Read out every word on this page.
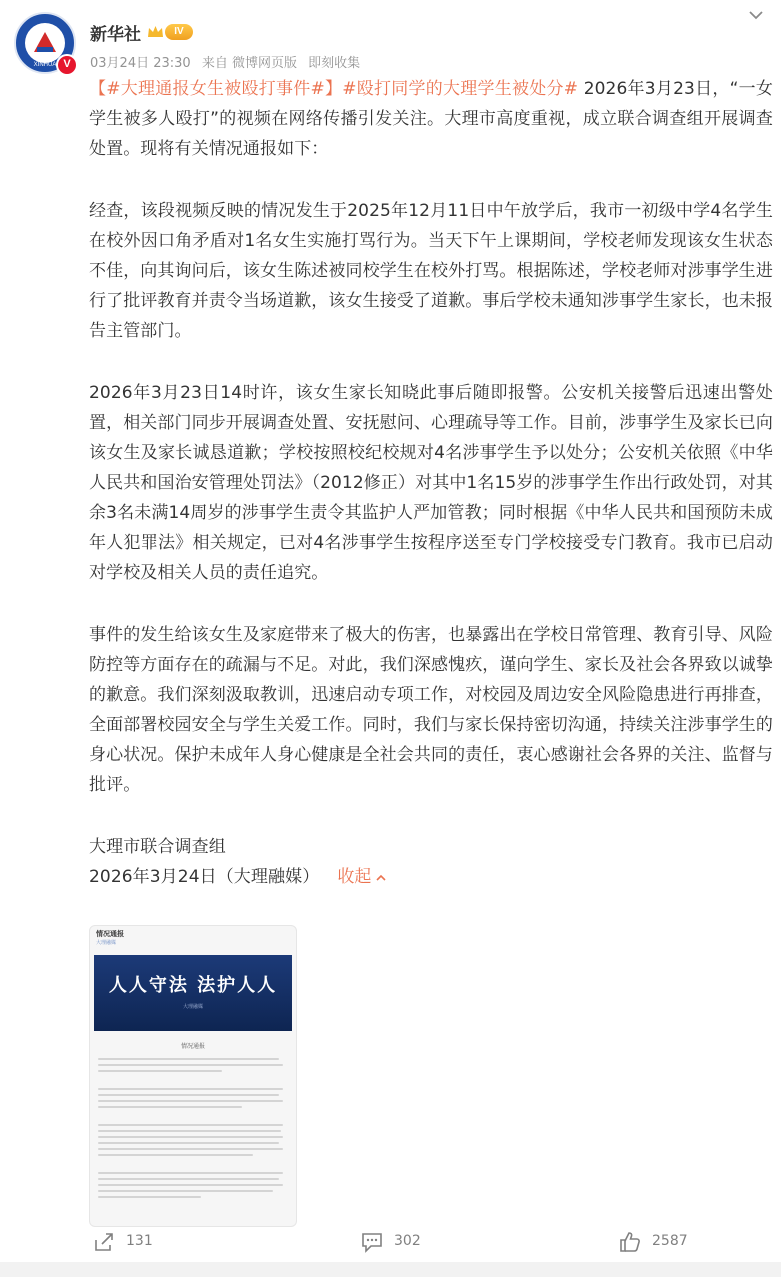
XINHUA V
新华社	IV
03月24日 23:30 来自 微博网页版 即刻收集

【#大理通报女生被殴打事件#】#殴打同学的大理学生被处分# 2026年3月23日，“一女学生被多人殴打”的视频在网络传播引发关注。大理市高度重视，成立联合调查组开展调查处置。现将有关情况通报如下：

经查，该段视频反映的情况发生于2025年12月11日中午放学后，我市一初级中学4名学生在校外因口角矛盾对1名女生实施打骂行为。当天下午上课期间，学校老师发现该女生状态不佳，向其询问后，该女生陈述被同校学生在校外打骂。根据陈述，学校老师对涉事学生进行了批评教育并责令当场道歉，该女生接受了道歉。事后学校未通知涉事学生家长，也未报告主管部门。

2026年3月23日14时许，该女生家长知晓此事后随即报警。公安机关接警后迅速出警处置，相关部门同步开展调查处置、安抚慰问、心理疏导等工作。目前，涉事学生及家长已向该女生及家长诚恳道歉；学校按照校纪校规对4名涉事学生予以处分；公安机关依照《中华人民共和国治安管理处罚法》（2012修正）对其中1名15岁的涉事学生作出行政处罚，对其余3名未满14周岁的涉事学生责令其监护人严加管教；同时根据《中华人民共和国预防未成年人犯罪法》相关规定，已对4名涉事学生按程序送至专门学校接受专门教育。我市已启动对学校及相关人员的责任追究。

事件的发生给该女生及家庭带来了极大的伤害，也暴露出在学校日常管理、教育引导、风险防控等方面存在的疏漏与不足。对此，我们深感愧疚，谨向学生、家长及社会各界致以诚挚的歉意。我们深刻汲取教训，迅速启动专项工作，对校园及周边安全风险隐患进行再排查，全面部署校园安全与学生关爱工作。同时，我们与家长保持密切沟通，持续关注涉事学生的身心状况。保护未成年人身心健康是全社会共同的责任，衷心感谢社会各界的关注、监督与批评。

大理市联合调查组

2026年3月24日（大理融媒） 收起

情况通报
大理融媒
人人守法 法护人人
大理融媒
情况通报
131	302	2587
